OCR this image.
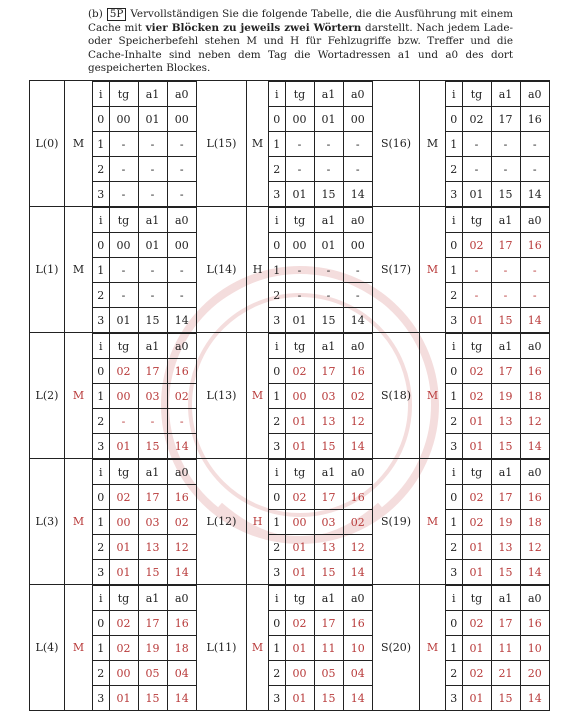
(b) 5P Vervollständigen Sie die folgende Tabelle, die die Ausführung mit einem Cache mit vier Blöcken zu jeweils zwei Wörtern darstellt. Nach jedem Lade- oder Speicherbefehl stehen M und H für Fehlzugriffe bzw. Treffer und die Cache-Inhalte sind neben dem Tag die Wortadressen a1 und a0 des dort gespeicherten Blockes.
L(0)	M	
i	tg	a1	a0
0	00	01	00
1	-	-	-
2	-	-	-
3	-	-	-
	L(15)	M	
i	tg	a1	a0
0	00	01	00
1	-	-	-
2	-	-	-
3	01	15	14
	S(16)	M	
i	tg	a1	a0
0	02	17	16
1	-	-	-
2	-	-	-
3	01	15	14

L(1)	M	
i	tg	a1	a0
0	00	01	00
1	-	-	-
2	-	-	-
3	01	15	14
	L(14)	H	
i	tg	a1	a0
0	00	01	00
1	-	-	-
2	-	-	-
3	01	15	14
	S(17)	M	
i	tg	a1	a0
0	02	17	16
1	-	-	-
2	-	-	-
3	01	15	14

L(2)	M	
i	tg	a1	a0
0	02	17	16
1	00	03	02
2	-	-	-
3	01	15	14
	L(13)	M	
i	tg	a1	a0
0	02	17	16
1	00	03	02
2	01	13	12
3	01	15	14
	S(18)	M	
i	tg	a1	a0
0	02	17	16
1	02	19	18
2	01	13	12
3	01	15	14

L(3)	M	
i	tg	a1	a0
0	02	17	16
1	00	03	02
2	01	13	12
3	01	15	14
	L(12)	H	
i	tg	a1	a0
0	02	17	16
1	00	03	02
2	01	13	12
3	01	15	14
	S(19)	M	
i	tg	a1	a0
0	02	17	16
1	02	19	18
2	01	13	12
3	01	15	14

L(4)	M	
i	tg	a1	a0
0	02	17	16
1	02	19	18
2	00	05	04
3	01	15	14
	L(11)	M	
i	tg	a1	a0
0	02	17	16
1	01	11	10
2	00	05	04
3	01	15	14
	S(20)	M	
i	tg	a1	a0
0	02	17	16
1	01	11	10
2	02	21	20
3	01	15	14
